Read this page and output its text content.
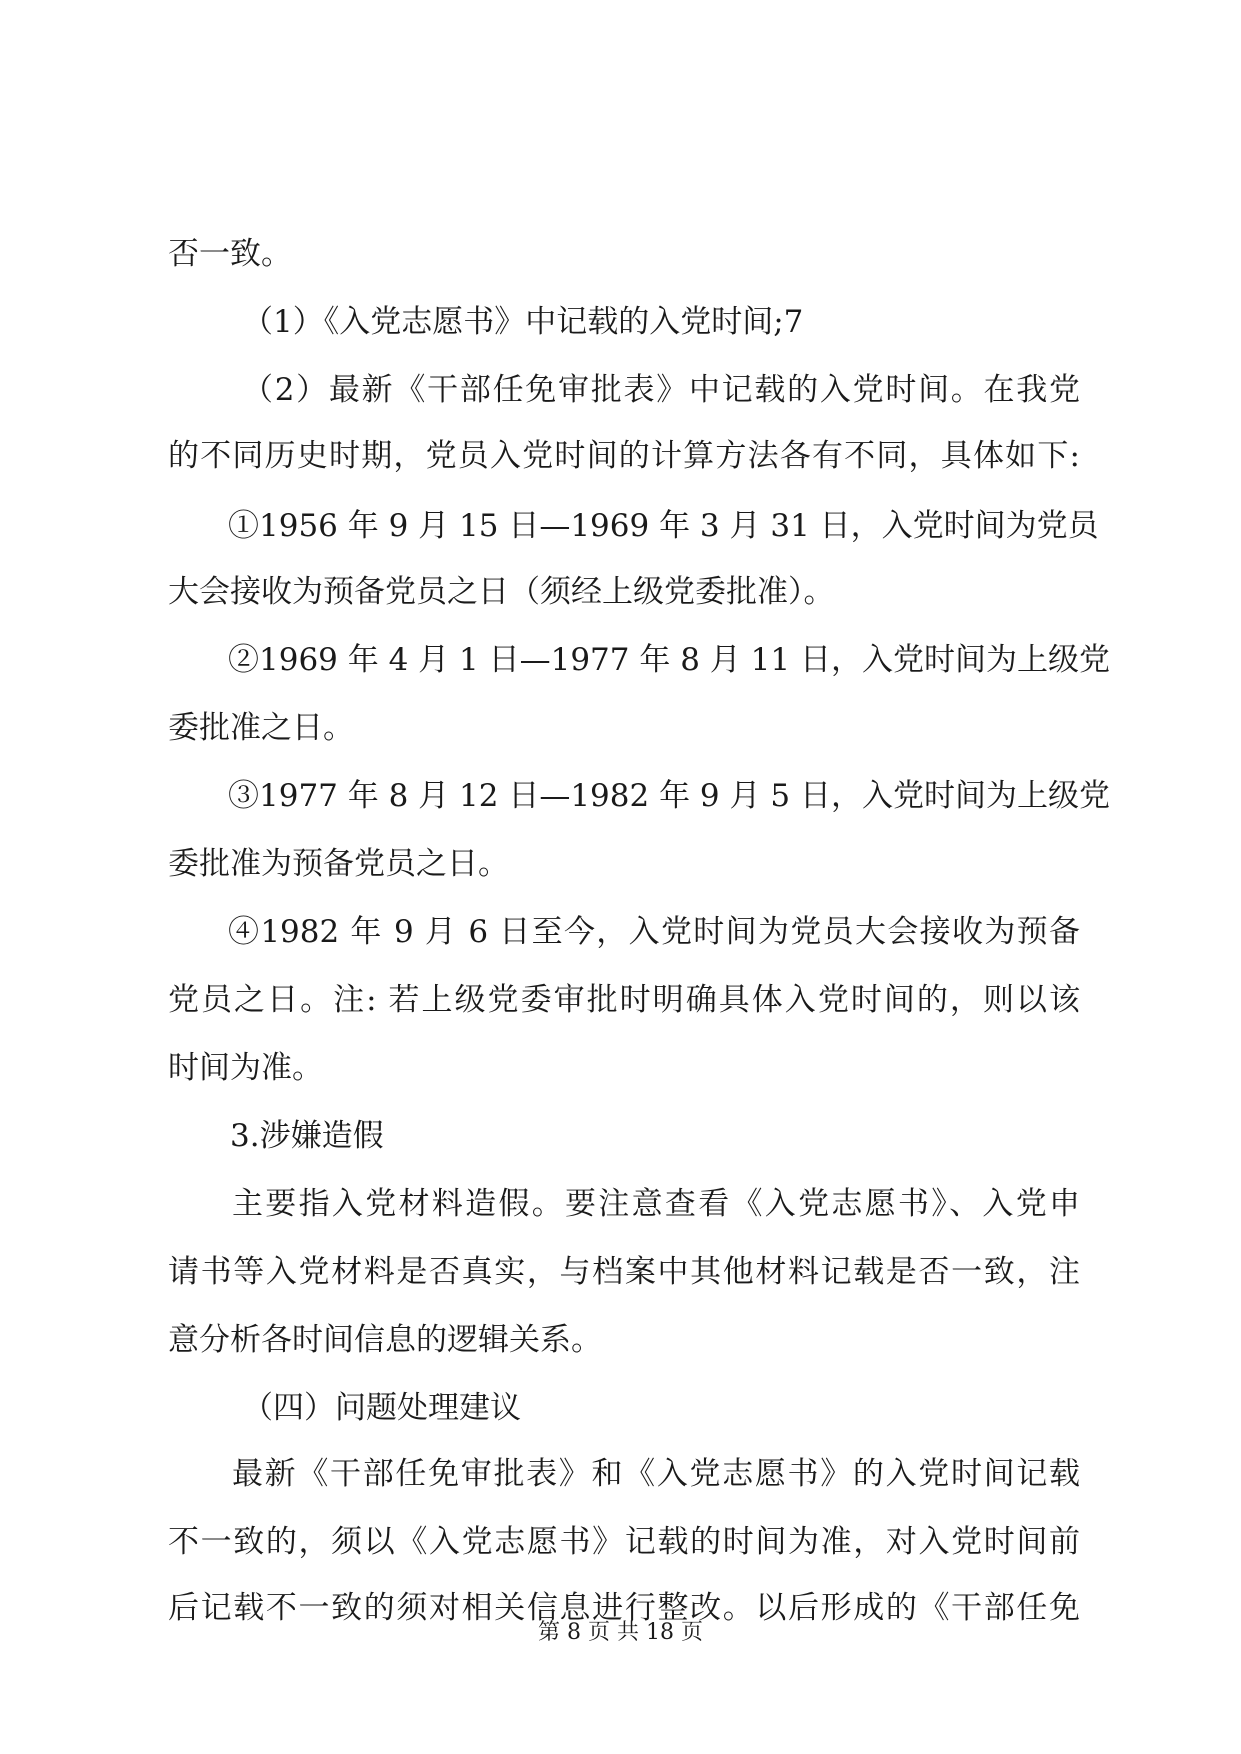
否一致。
（1）《入党志愿书》中记载的入党时间;7
（2）最新《干部任免审批表》中记载的入党时间。在我党
的不同历史时期，党员入党时间的计算方法各有不同，具体如下:
①1956 年 9 月 15 日—1969 年 3 月 31 日，入党时间为党员
大会接收为预备党员之日（须经上级党委批准）。
②1969 年 4 月 1 日—1977 年 8 月 11 日，入党时间为上级党
委批准之日。
③1977 年 8 月 12 日—1982 年 9 月 5 日，入党时间为上级党
委批准为预备党员之日。
④1982 年 9 月 6 日至今，入党时间为党员大会接收为预备
党员之日。注: 若上级党委审批时明确具体入党时间的，则以该
时间为准。
3.涉嫌造假
主要指入党材料造假。要注意查看《入党志愿书》、入党申
请书等入党材料是否真实，与档案中其他材料记载是否一致，注
意分析各时间信息的逻辑关系。
（四）问题处理建议
最新《干部任免审批表》和《入党志愿书》的入党时间记载
不一致的，须以《入党志愿书》记载的时间为准，对入党时间前
后记载不一致的须对相关信息进行整改。以后形成的《干部任免
第 8 页 共 18 页
